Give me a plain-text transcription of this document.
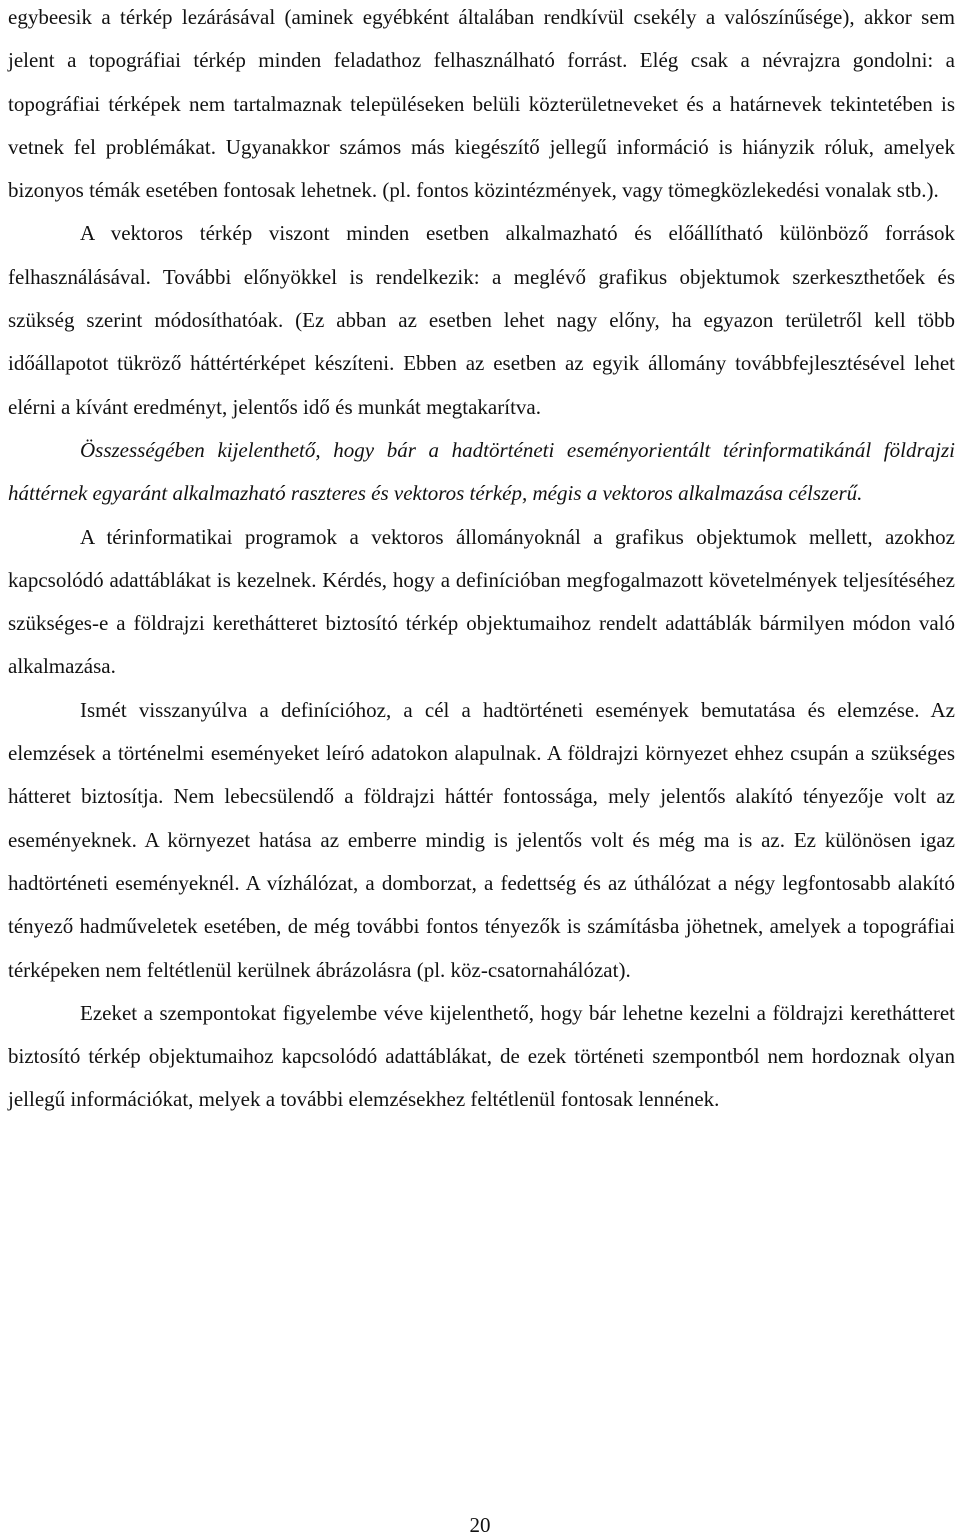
egybeesik a térkép lezárásával (aminek egyébként általában rendkívül csekély a valószínűsége), akkor sem jelent a topográfiai térkép minden feladathoz felhasználható forrást. Elég csak a névrajzra gondolni: a topográfiai térképek nem tartalmaznak településeken belüli közterületneveket és a határnevek tekintetében is vetnek fel problémákat. Ugyanakkor számos más kiegészítő jellegű információ is hiányzik róluk, amelyek bizonyos témák esetében fontosak lehetnek. (pl. fontos közintézmények, vagy tömegközlekedési vonalak stb.).

A vektoros térkép viszont minden esetben alkalmazható és előállítható különböző források felhasználásával. További előnyökkel is rendelkezik: a meglévő grafikus objektumok szerkeszthetőek és szükség szerint módosíthatóak. (Ez abban az esetben lehet nagy előny, ha egyazon területről kell több időállapotot tükröző háttértérképet készíteni. Ebben az esetben az egyik állomány továbbfejlesztésével lehet elérni a kívánt eredményt, jelentős idő és munkát megtakarítva.

Összességében kijelenthető, hogy bár a hadtörténeti eseményorientált térinformatikánál földrajzi háttérnek egyaránt alkalmazható raszteres és vektoros térkép, mégis a vektoros alkalmazása célszerű.

A térinformatikai programok a vektoros állományoknál a grafikus objektumok mellett, azokhoz kapcsolódó adattáblákat is kezelnek. Kérdés, hogy a definícióban megfogalmazott követelmények teljesítéséhez szükséges-e a földrajzi kerethátteret biztosító térkép objektumaihoz rendelt adattáblák bármilyen módon való alkalmazása.

Ismét visszanyúlva a definícióhoz, a cél a hadtörténeti események bemutatása és elemzése. Az elemzések a történelmi eseményeket leíró adatokon alapulnak. A földrajzi környezet ehhez csupán a szükséges hátteret biztosítja. Nem lebecsülendő a földrajzi háttér fontossága, mely jelentős alakító tényezője volt az eseményeknek. A környezet hatása az emberre mindig is jelentős volt és még ma is az. Ez különösen igaz hadtörténeti eseményeknél. A vízhálózat, a domborzat, a fedettség és az úthálózat a négy legfontosabb alakító tényező hadműveletek esetében, de még további fontos tényezők is számításba jöhetnek, amelyek a topográfiai térképeken nem feltétlenül kerülnek ábrázolásra (pl. köz-csatornahálózat).

Ezeket a szempontokat figyelembe véve kijelenthető, hogy bár lehetne kezelni a földrajzi kerethátteret biztosító térkép objektumaihoz kapcsolódó adattáblákat, de ezek történeti szempontból nem hordoznak olyan jellegű információkat, melyek a további elemzésekhez feltétlenül fontosak lennének.

20
